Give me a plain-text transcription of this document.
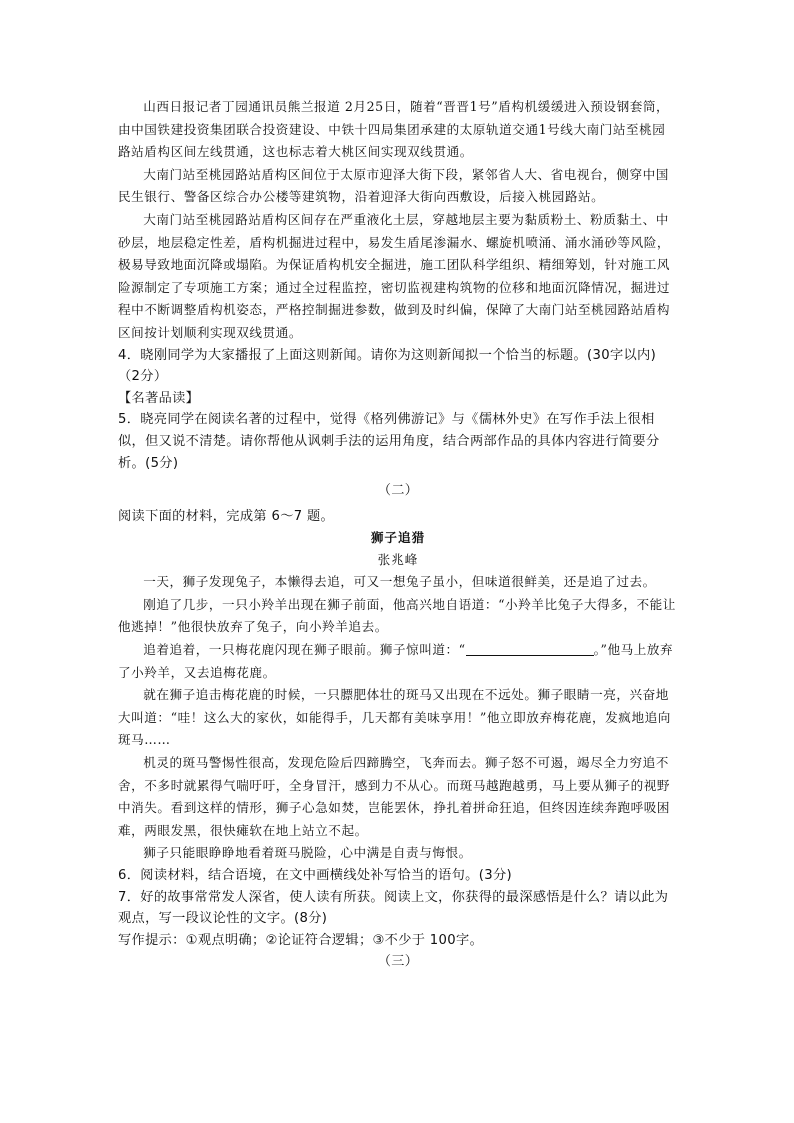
山西日报记者丁园通讯员熊兰报道 2月25日，随着“晋晋1号”盾构机缓缓进入预设钢套筒，由中国铁建投资集团联合投资建设、中铁十四局集团承建的太原轨道交通1号线大南门站至桃园路站盾构区间左线贯通，这也标志着大桃区间实现双线贯通。

大南门站至桃园路站盾构区间位于太原市迎泽大街下段，紧邻省人大、省电视台，侧穿中国民生银行、警备区综合办公楼等建筑物，沿着迎泽大街向西敷设，后接入桃园路站。

大南门站至桃园路站盾构区间存在严重液化土层，穿越地层主要为黏质粉土、粉质黏土、中砂层，地层稳定性差，盾构机掘进过程中，易发生盾尾渗漏水、螺旋机喷涌、涌水涌砂等风险，极易导致地面沉降或塌陷。为保证盾构机安全掘进，施工团队科学组织、精细筹划，针对施工风险源制定了专项施工方案；通过全过程监控，密切监视建构筑物的位移和地面沉降情况，掘进过程中不断调整盾构机姿态，严格控制掘进参数，做到及时纠偏，保障了大南门站至桃园路站盾构区间按计划顺利实现双线贯通。

4．晓刚同学为大家播报了上面这则新闻。请你为这则新闻拟一个恰当的标题。(30字以内)

（2分）

【名著品读】

5．晓亮同学在阅读名著的过程中，觉得《格列佛游记》与《儒林外史》在写作手法上很相似，但又说不清楚。请你帮他从讽刺手法的运用角度，结合两部作品的具体内容进行简要分析。(5分)

（二）

阅读下面的材料，完成第 6～7 题。

狮子追猎

张兆峰

一天，狮子发现兔子，本懒得去追，可又一想兔子虽小，但味道很鲜美，还是追了过去。

刚追了几步，一只小羚羊出现在狮子前面，他高兴地自语道：“小羚羊比兔子大得多，不能让他逃掉！”他很快放弃了兔子，向小羚羊追去。

追着追着，一只梅花鹿闪现在狮子眼前。狮子惊叫道：“	。”他马上放弃了小羚羊，又去追梅花鹿。

就在狮子追击梅花鹿的时候，一只膘肥体壮的斑马又出现在不远处。狮子眼睛一亮，兴奋地大叫道：“哇！这么大的家伙，如能得手，几天都有美味享用！”他立即放弃梅花鹿，发疯地追向斑马……

机灵的斑马警惕性很高，发现危险后四蹄腾空，飞奔而去。狮子怒不可遏，竭尽全力穷追不舍，不多时就累得气喘吁吁，全身冒汗，感到力不从心。而斑马越跑越勇，马上要从狮子的视野中消失。看到这样的情形，狮子心急如焚，岂能罢休，挣扎着拼命狂追，但终因连续奔跑呼吸困难，两眼发黑，很快瘫软在地上站立不起。

狮子只能眼睁睁地看着斑马脱险，心中满是自责与悔恨。

6．阅读材料，结合语境，在文中画横线处补写恰当的语句。(3分)

7．好的故事常常发人深省，使人读有所获。阅读上文，你获得的最深感悟是什么？请以此为观点，写一段议论性的文字。(8分)

写作提示：①观点明确；②论证符合逻辑；③不少于 100字。

（三）
